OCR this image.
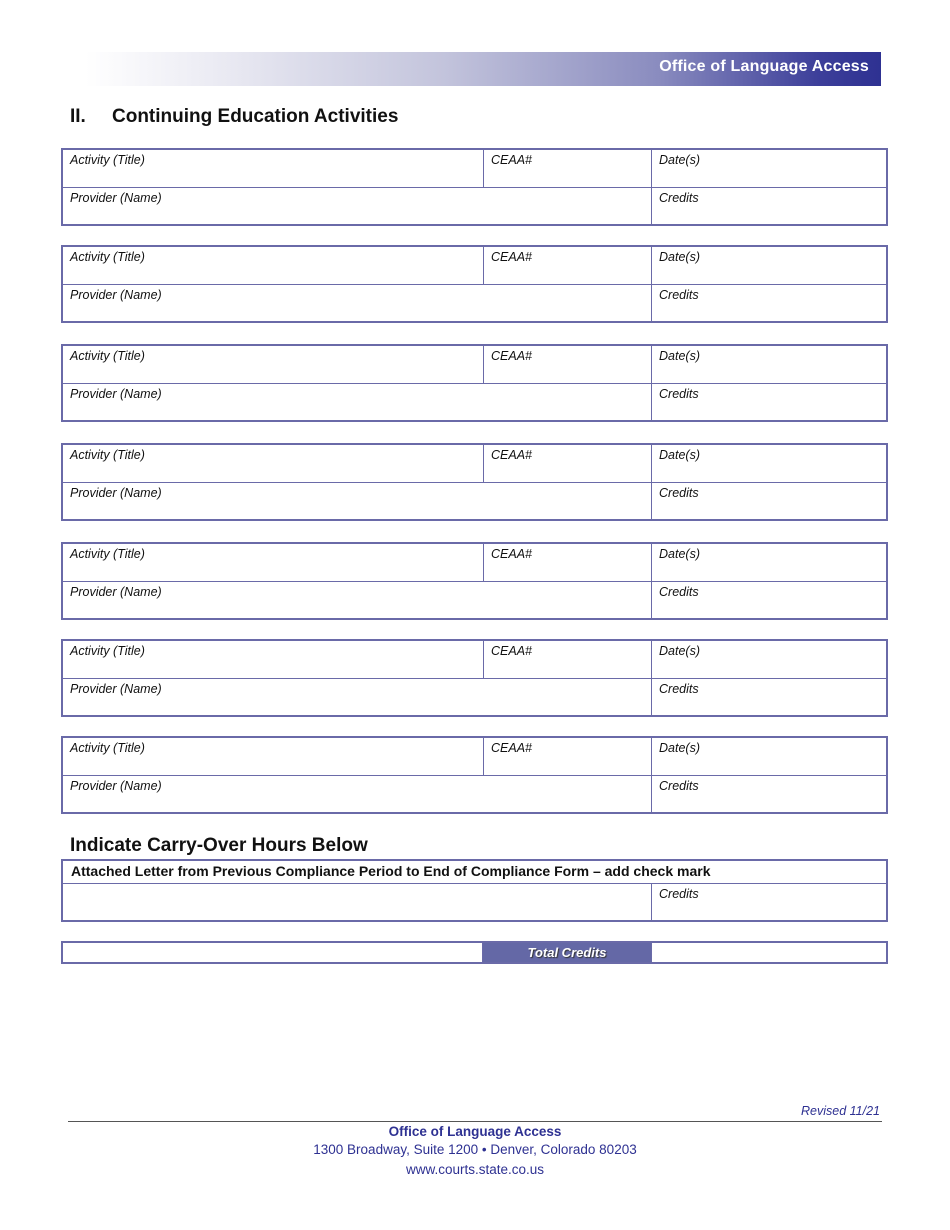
Office of Language Access
II. Continuing Education Activities
Activity (Title)	CEAA#	Date(s)
Provider (Name)	Credits
Activity (Title)	CEAA#	Date(s)
Provider (Name)	Credits
Activity (Title)	CEAA#	Date(s)
Provider (Name)	Credits
Activity (Title)	CEAA#	Date(s)
Provider (Name)	Credits
Activity (Title)	CEAA#	Date(s)
Provider (Name)	Credits
Activity (Title)	CEAA#	Date(s)
Provider (Name)	Credits
Activity (Title)	CEAA#	Date(s)
Provider (Name)	Credits
Indicate Carry-Over Hours Below
Attached Letter from Previous Compliance Period to End of Compliance Form – add check mark
Credits
Total Credits
Revised 11/21
Office of Language Access
1300 Broadway, Suite 1200 • Denver, Colorado 80203
www.courts.state.co.us
